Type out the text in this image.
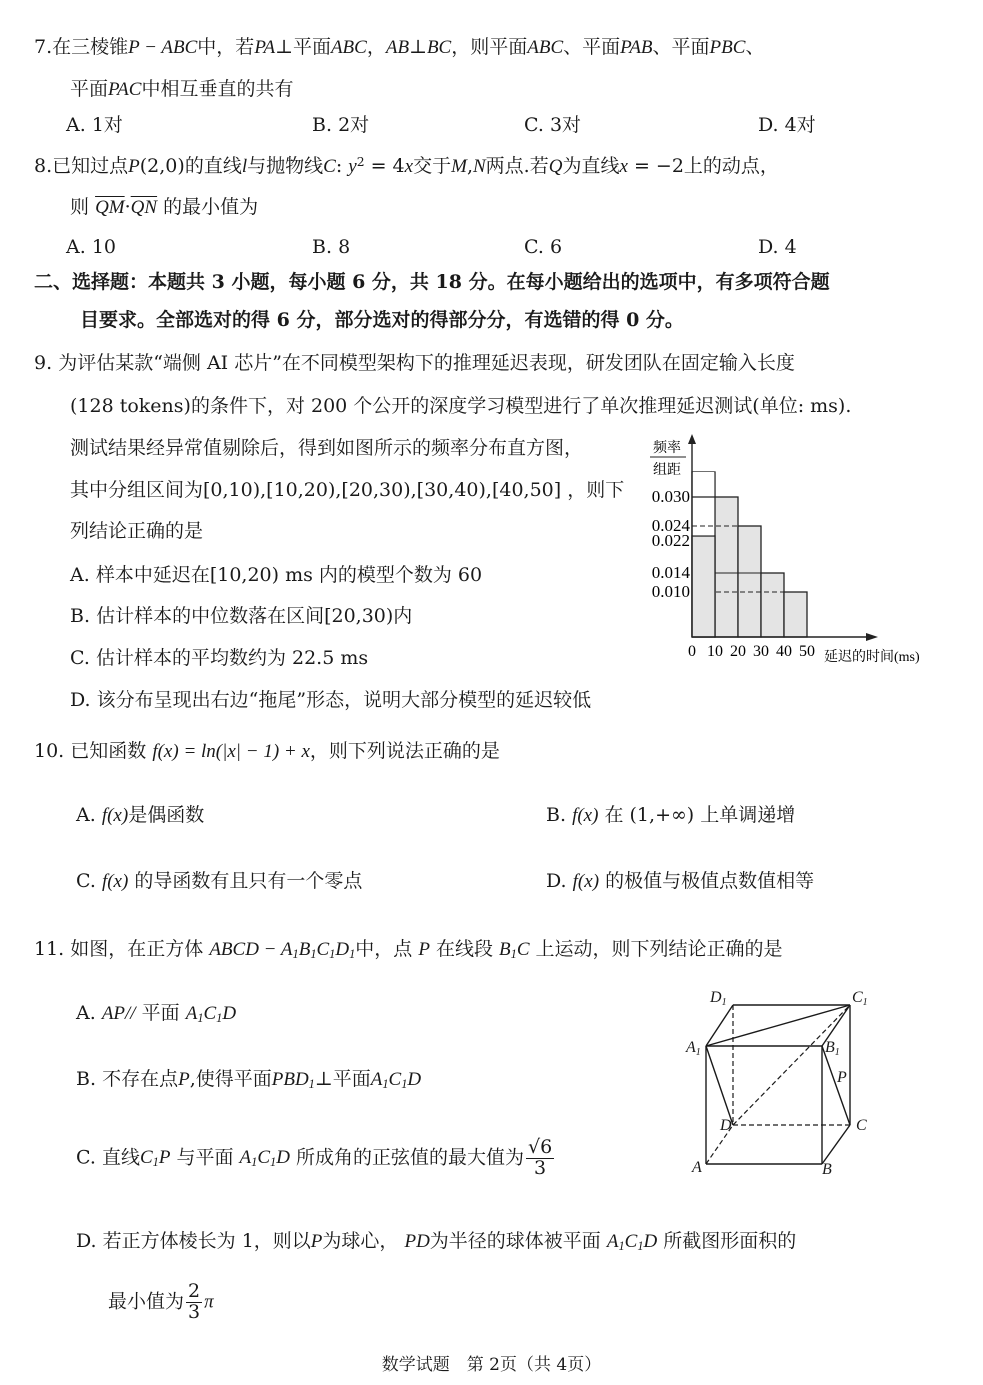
7.在三棱锥P − ABC中，若PA⊥平面ABC，AB⊥BC，则平面ABC、平面PAB、平面PBC、
平面PAC中相互垂直的共有
A. 1对	B. 2对	C. 3对	D. 4对
8.已知过点P(2,0)的直线l与抛物线C: $y^2 = 4x$交于M,N两点.若Q为直线x = −2上的动点，
则 $\overline{QM}\cdot\overline{QN}$ 的最小值为
A. 10	B. 8	C. 6	D. 4
二、选择题：本题共 3 小题，每小题 6 分，共 18 分。在每小题给出的选项中，有多项符合题
目要求。全部选对的得 6 分，部分选对的得部分分，有选错的得 0 分。
9. 为评估某款“端侧 AI 芯片”在不同模型架构下的推理延迟表现，研发团队在固定输入长度
(128 tokens)的条件下，对 200 个公开的深度学习模型进行了单次推理延迟测试(单位: ms).
测试结果经异常值剔除后，得到如图所示的频率分布直方图，
其中分组区间为[0,10),[10,20),[20,30),[30,40),[40,50] ，则下
列结论正确的是
A. 样本中延迟在[10,20) ms 内的模型个数为 60
B. 估计样本的中位数落在区间[20,30)内
C. 估计样本的平均数约为 22.5 ms
D. 该分布呈现出右边“拖尾”形态，说明大部分模型的延迟较低
频率
组距
0.030
0.024
0.022
0.014
0.010
0 10 20 30 40 50 延迟的时间(ms)
10. 已知函数 f(x) = ln(|x| − 1) + x，则下列说法正确的是
A. f(x)是偶函数	B. f(x) 在 (1,+∞) 上单调递增
C. f(x) 的导函数有且只有一个零点	D. f(x) 的极值与极值点数值相等
11. 如图，在正方体 ABCD − $A_1B_1C_1D_1$中，点 P 在线段 $B_1C$ 上运动，则下列结论正确的是
A. AP// 平面 $A_1C_1D$
B. 不存在点P,使得平面$PBD_1\perp$平面$A_1C_1D$
C. 直线$C_1P$ 与平面 $A_1C_1D$ 所成角的正弦值的最大值为 $\frac{√6}{3}$
D. 若正方体棱长为 1，则以P为球心， PD为半径的球体被平面 $A_1C_1D$ 所截图形面积的
最小值为 $\frac{2}{3}$ π
D1	C1
A1	B1
P
D	C
A	B
数学试题　第 2页（共 4页）
